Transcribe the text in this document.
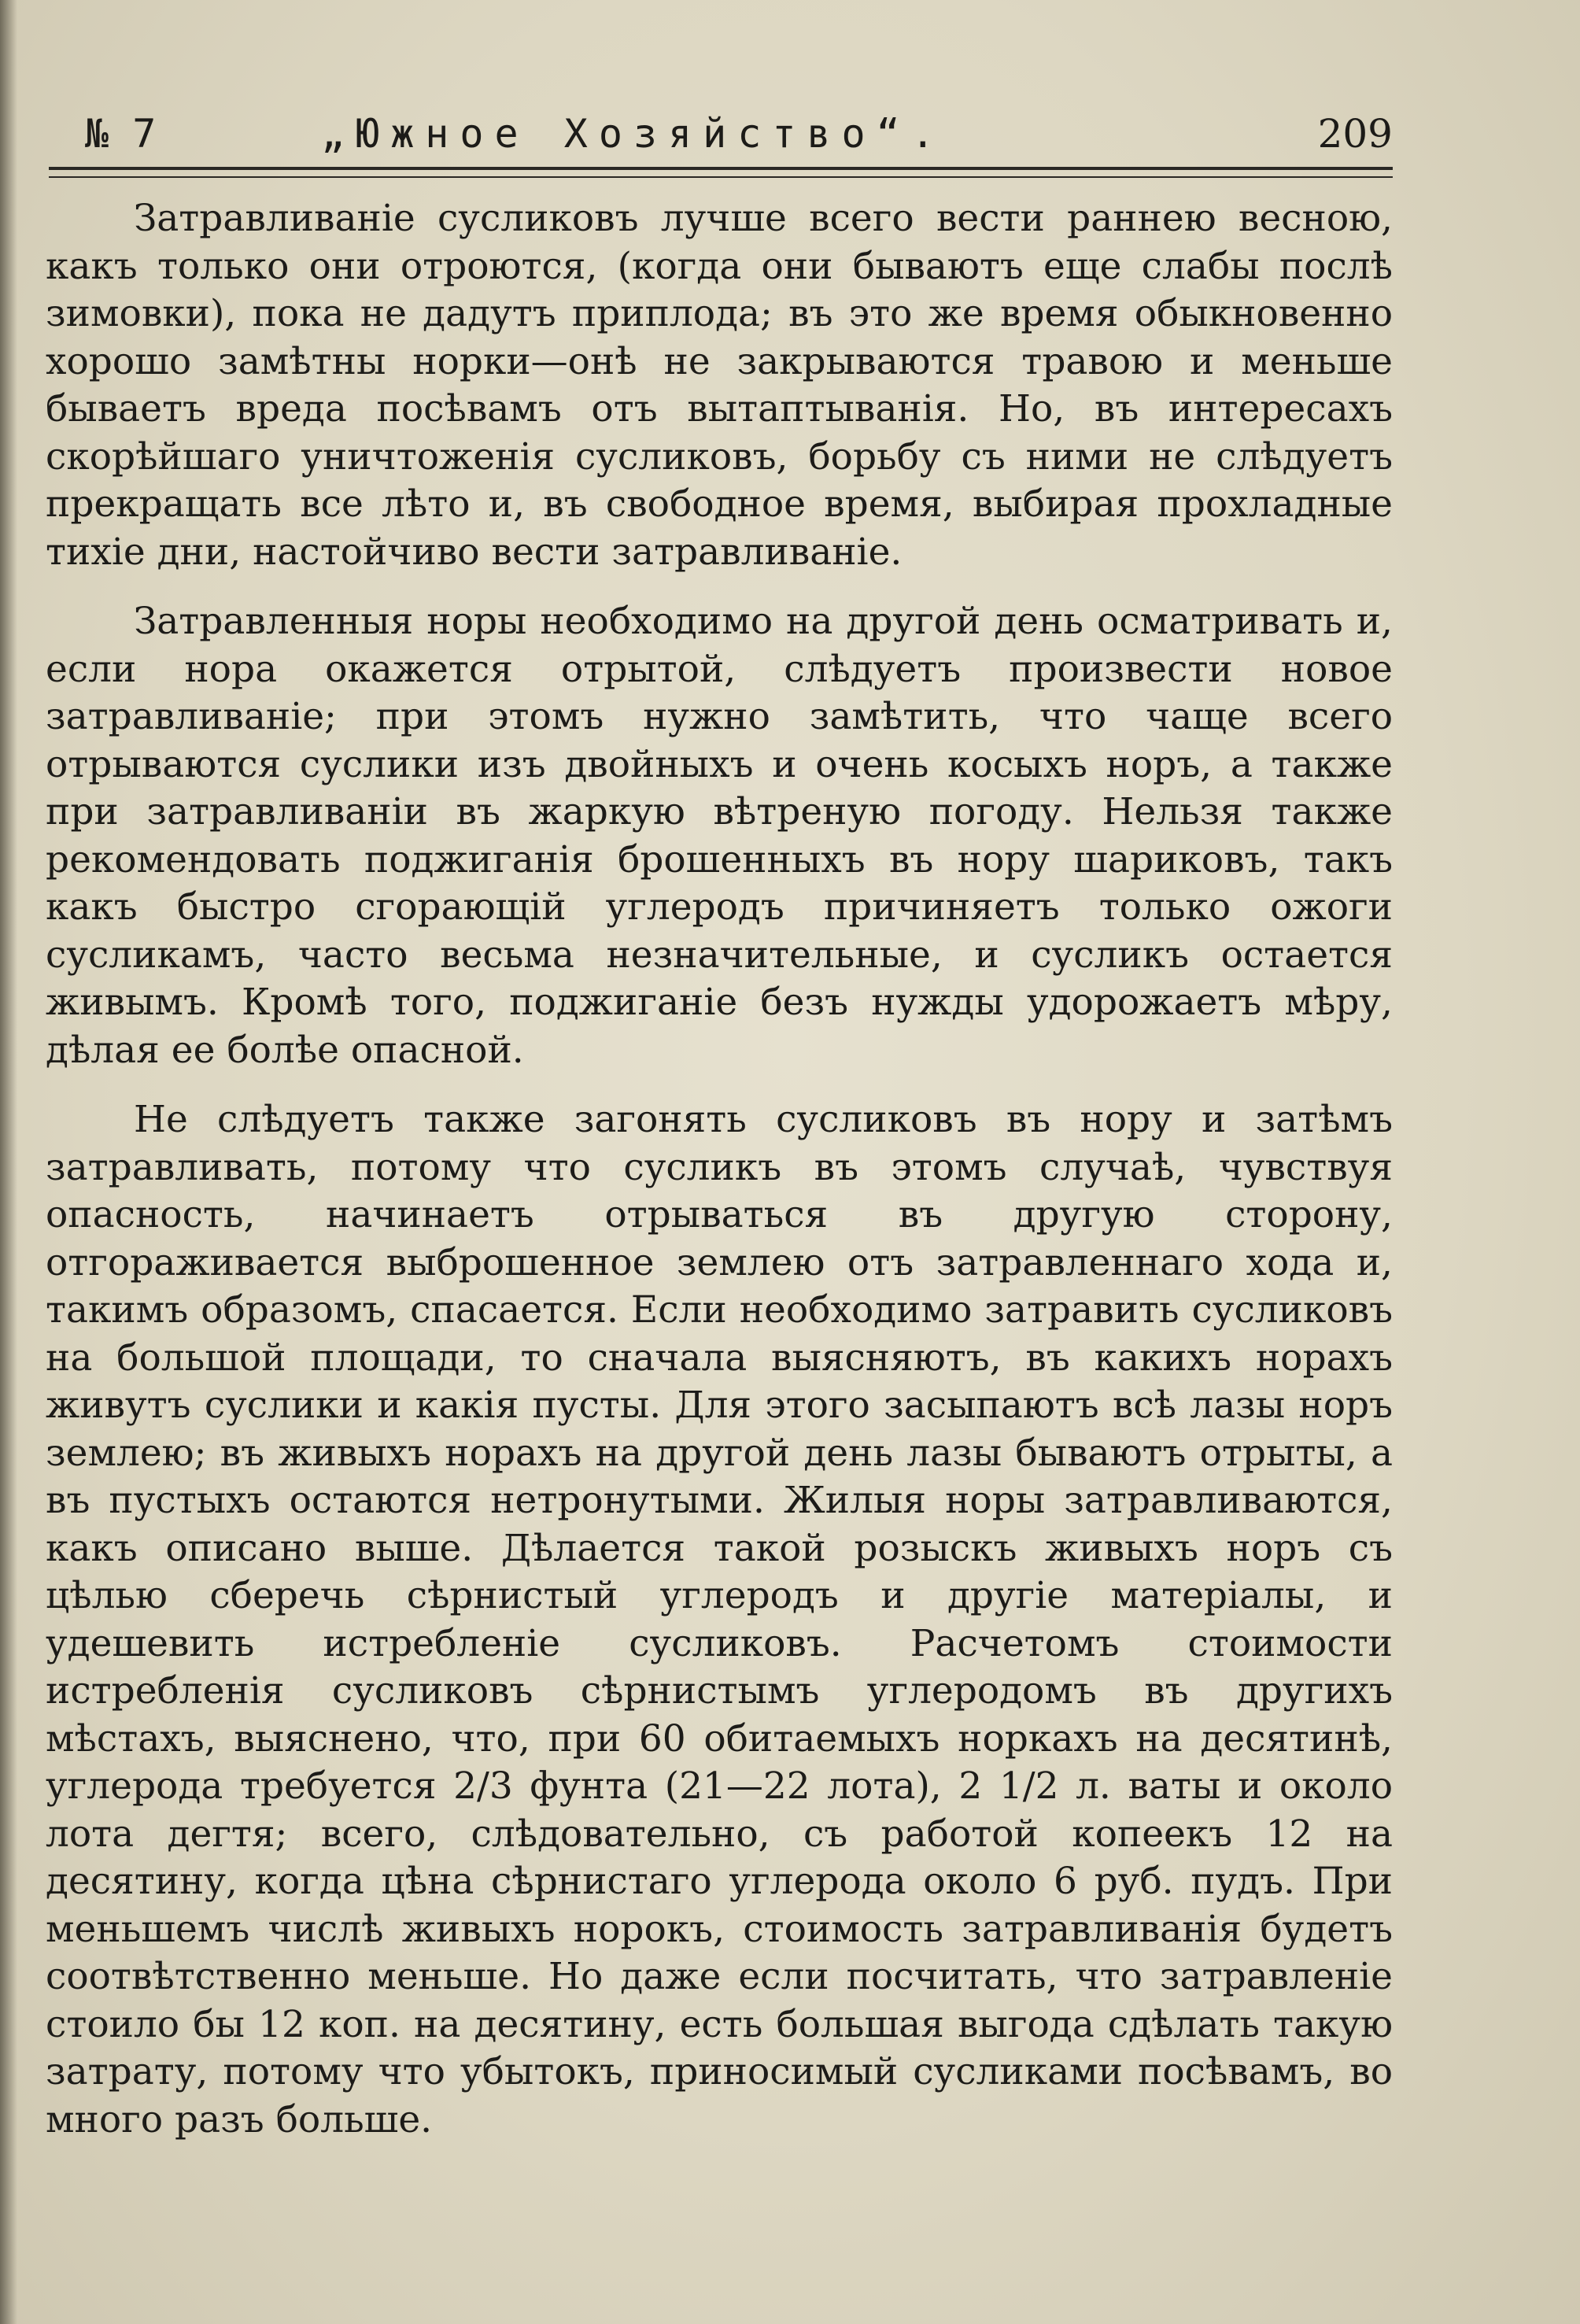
№ 7	„Южное Хозяйство“.	209

Затравливаніе сусликовъ лучше всего вести раннею весною, какъ только они отроются, (когда они бываютъ еще слабы послѣ зимовки), пока не дадутъ приплода; въ это же время обыкновенно хорошо замѣтны норки—онѣ не закрываются травою и меньше бываетъ вреда посѣвамъ отъ вытаптыванія. Но, въ интересахъ скорѣйшаго уничтоженія сусликовъ, борьбу съ ними не слѣдуетъ прекращать все лѣто и, въ свободное время, выбирая прохладные тихіе дни, настойчиво вести затравливаніе.

Затравленныя норы необходимо на другой день осматривать и, если нора окажется отрытой, слѣдуетъ произвести новое затравливаніе; при этомъ нужно замѣтить, что чаще всего отрываются суслики изъ двойныхъ и очень косыхъ норъ, а также при затравливаніи въ жаркую вѣтреную погоду. Нельзя также рекомендовать поджиганія брошенныхъ въ нору шариковъ, такъ какъ быстро сгорающій углеродъ причиняетъ только ожоги сусликамъ, часто весьма незначительные, и сусликъ остается живымъ. Кромѣ того, поджиганіе безъ нужды удорожаетъ мѣру, дѣлая ее болѣе опасной.

Не слѣдуетъ также загонять сусликовъ въ нору и затѣмъ затравливать, потому что сусликъ въ этомъ случаѣ, чувствуя опасность, начинаетъ отрываться въ другую сторону, отгораживается выброшенное землею отъ затравленнаго хода и, такимъ образомъ, спасается. Если необходимо затравить сусликовъ на большой площади, то сначала выясняютъ, въ какихъ норахъ живутъ суслики и какія пусты. Для этого засыпаютъ всѣ лазы норъ землею; въ живыхъ норахъ на другой день лазы бываютъ отрыты, а въ пустыхъ остаются нетронутыми. Жилыя норы затравливаются, какъ описано выше. Дѣлается такой розыскъ живыхъ норъ съ цѣлью сберечь сѣрнистый углеродъ и другіе матеріалы, и удешевить истребленіе сусликовъ. Расчетомъ стоимости истребленія сусликовъ сѣрнистымъ углеродомъ въ другихъ мѣстахъ, выяснено, что, при 60 обитаемыхъ норкахъ на десятинѣ, углерода требуется 2/3 фунта (21—22 лота), 2 1/2 л. ваты и около лота дегтя; всего, слѣдовательно, съ работой копеекъ 12 на десятину, когда цѣна сѣрнистаго углерода около 6 руб. пудъ. При меньшемъ числѣ живыхъ норокъ, стоимость затравливанія будетъ соотвѣтственно меньше. Но даже если посчитать, что затравленіе стоило бы 12 коп. на десятину, есть большая выгода сдѣлать такую затрату, потому что убытокъ, приносимый сусликами посѣвамъ, во много разъ больше.
